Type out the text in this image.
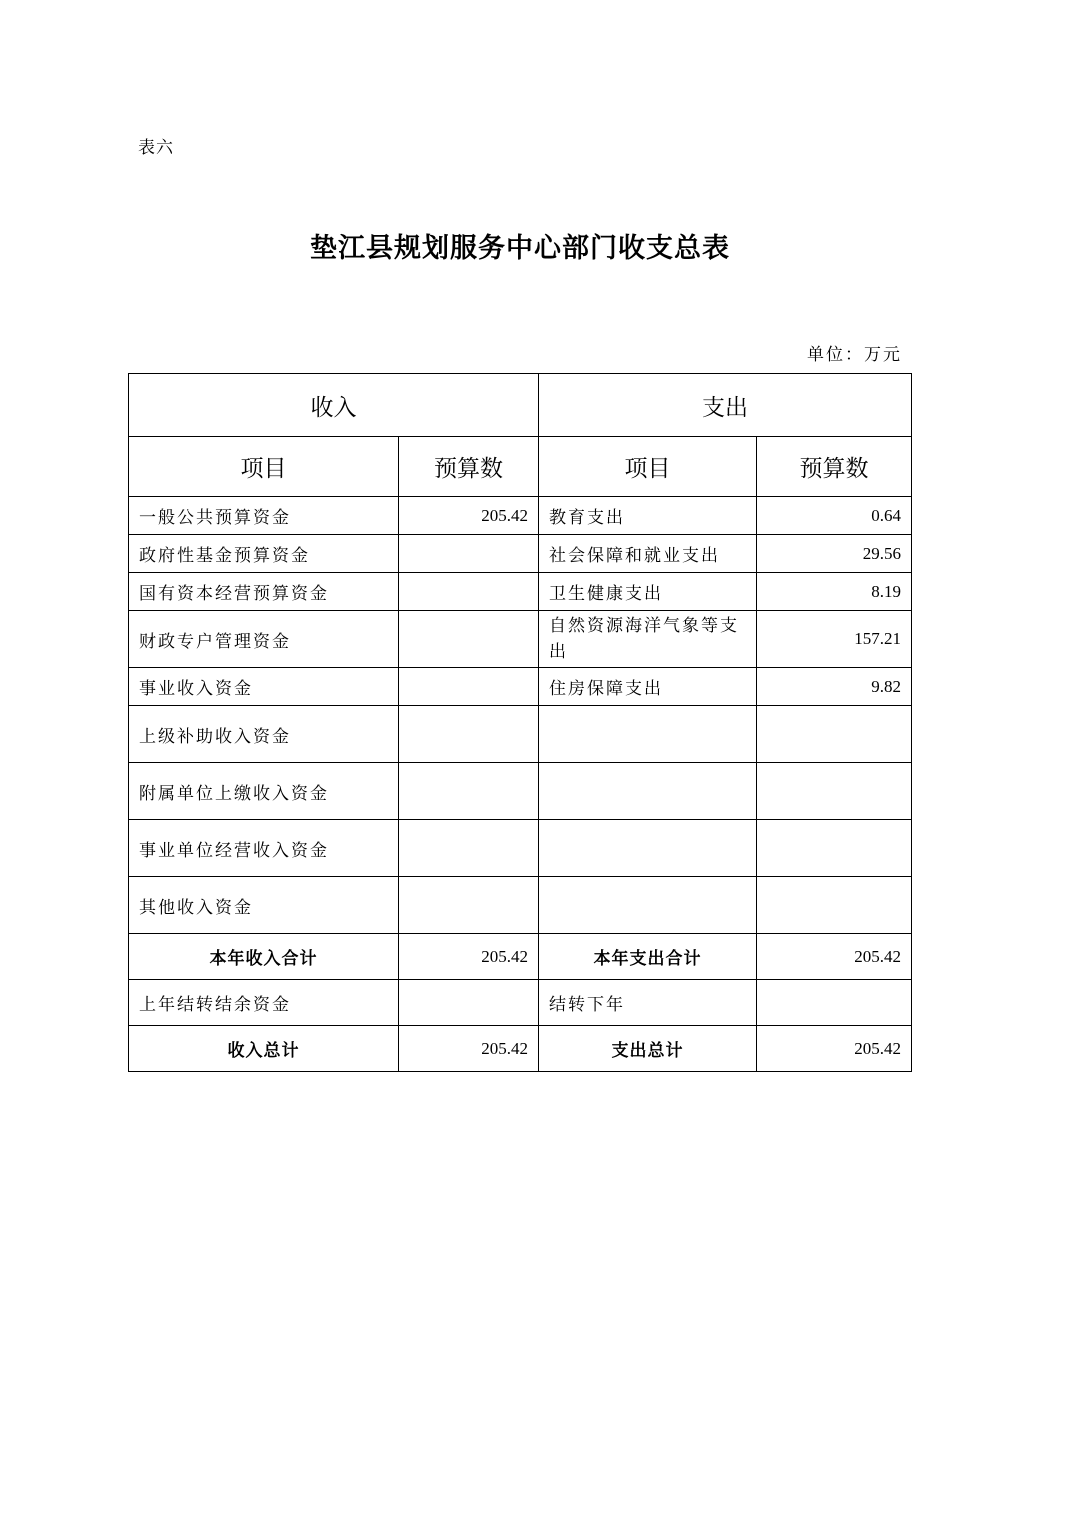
表六
垫江县规划服务中心部门收支总表
单位：万元
收入		支出	
项目	预算数	项目	预算数
一般公共预算资金	205.42	教育支出	0.64
政府性基金预算资金		社会保障和就业支出	29.56
国有资本经营预算资金		卫生健康支出	8.19
财政专户管理资金		自然资源海洋气象等支出	157.21
事业收入资金		住房保障支出	9.82
上级补助收入资金			
附属单位上缴收入资金			
事业单位经营收入资金			
其他收入资金			
本年收入合计	205.42	本年支出合计	205.42
上年结转结余资金		结转下年	
收入总计	205.42	支出总计	205.42
